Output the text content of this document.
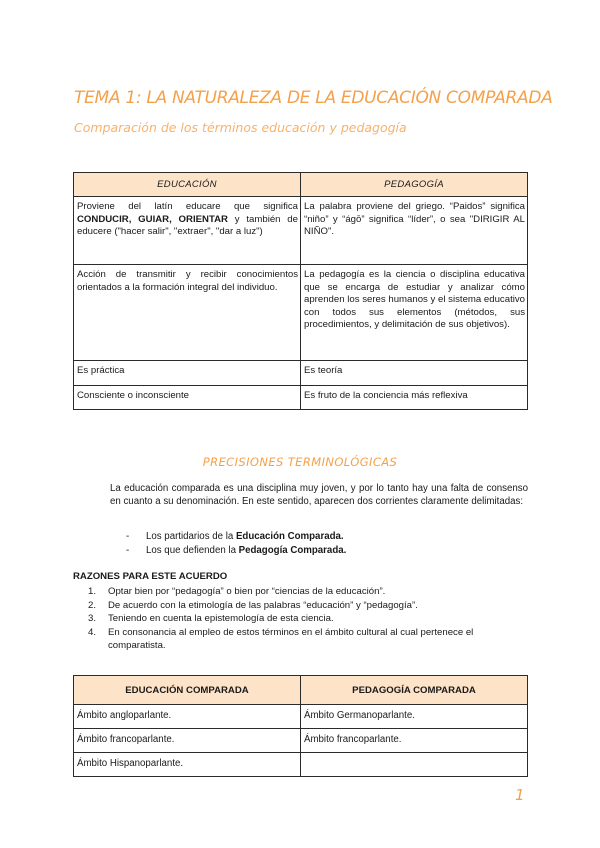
TEMA 1: LA NATURALEZA DE LA EDUCACIÓN COMPARADA
Comparación de los términos educación y pedagogía
EDUCACIÓN	PEDAGOGÍA
Proviene del latín educare que significa CONDUCIR, GUIAR, ORIENTAR y también de educere ("hacer salir", "extraer", "dar a luz")	La palabra proviene del griego. “Paidos” significa “niño” y “ágō” significa “líder”, o sea "DIRIGIR AL NIÑO".
Acción de transmitir y recibir conocimientos orientados a la formación integral del individuo.	La pedagogía es la ciencia o disciplina educativa que se encarga de estudiar y analizar cómo aprenden los seres humanos y el sistema educativo con todos sus elementos (métodos, sus procedimientos, y delimitación de sus objetivos).
Es práctica	Es teoría
Consciente o inconsciente	Es fruto de la conciencia más reflexiva
PRECISIONES TERMINOLÓGICAS
La educación comparada es una disciplina muy joven, y por lo tanto hay una falta de consenso en cuanto a su denominación. En este sentido, aparecen dos corrientes claramente delimitadas:
- Los partidarios de la Educación Comparada.
- Los que defienden la Pedagogía Comparada.
RAZONES PARA ESTE ACUERDO
1.	Optar bien por “pedagogía” o bien por “ciencias de la educación”.
2.	De acuerdo con la etimología de las palabras “educación” y “pedagogía”.
3.	Teniendo en cuenta la epistemología de esta ciencia.
4.	En consonancia al empleo de estos términos en el ámbito cultural al cual pertenece el comparatista.
EDUCACIÓN COMPARADA	PEDAGOGÍA COMPARADA
Ámbito angloparlante.	Ámbito Germanoparlante.
Ámbito francoparlante.	Ámbito francoparlante.
Ámbito Hispanoparlante.	
1
